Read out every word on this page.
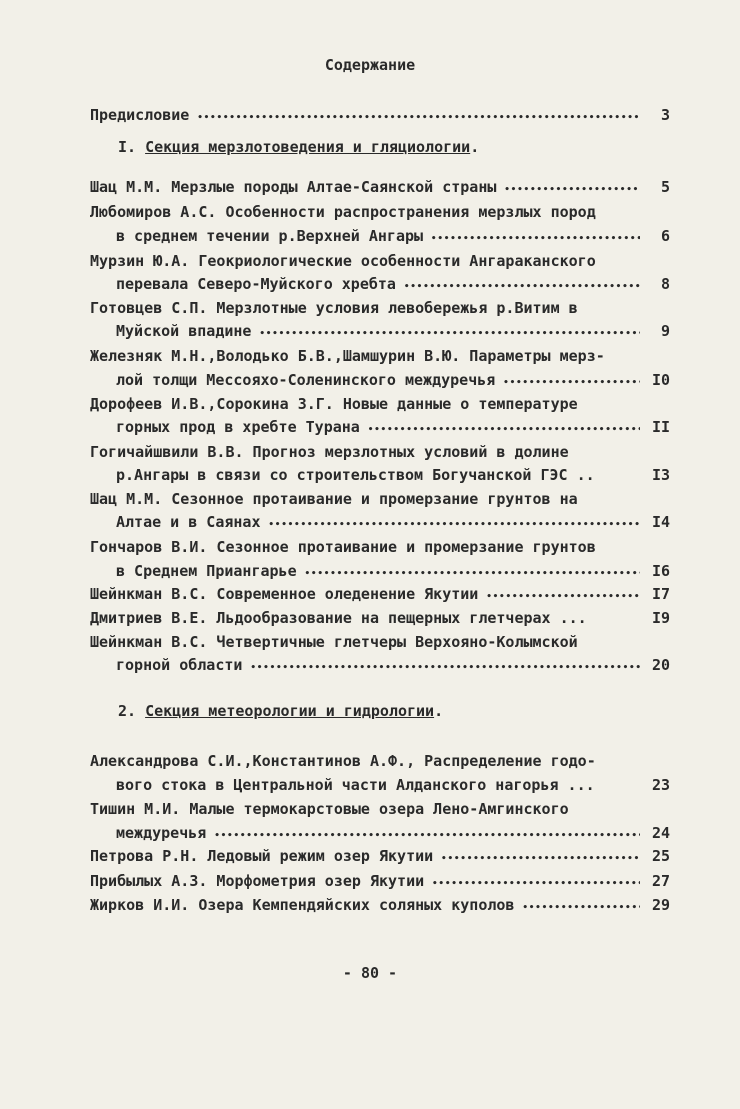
Содержание
Предисловие •••••	3
I. Секция мерзлотоведения и гляциологии.
Шац М.М. Мерзлые породы Алтае-Саянской страны •••••	5
Любомиров А.С. Особенности распространения мерзлых пород
в среднем течении р.Верхней Ангары •••••	6
Мурзин Ю.А. Геокриологические особенности Ангараканского
перевала Северо-Муйского хребта •••••	8
Готовцев С.П. Мерзлотные условия левобережья р.Витим в
Муйской впадине •••••	9
Железняк М.Н.,Володько Б.В.,Шамшурин В.Ю. Параметры мерз-
лой толщи Мессояхо-Соленинского междуречья •••••	I0
Дорофеев И.В.,Сорокина З.Г. Новые данные о температуре
горных прод в хребте Турана •••••	II
Гогичайшвили В.В. Прогноз мерзлотных условий в долине
р.Ангары в связи со строительством Богучанской ГЭС ..	I3
Шац М.М. Сезонное протаивание и промерзание грунтов на
Алтае и в Саянах •••••	I4
Гончаров В.И. Сезонное протаивание и промерзание грунтов
в Среднем Приангарье •••••	I6
Шейнкман В.С. Современное оледенение Якутии •••••	I7
Дмитриев В.Е. Льдообразование на пещерных глетчерах ...	I9
Шейнкман В.С. Четвертичные глетчеры Верхояно-Колымской
горной области •••••	20
2. Секция метеорологии и гидрологии.
Александрова С.И.,Константинов А.Ф., Распределение годо-
вого стока в Центральной части Алданского нагорья ...	23
Тишин М.И. Малые термокарстовые озера Лено-Амгинского
междуречья •••••	24
Петрова Р.Н. Ледовый режим озер Якутии •••••	25
Прибылых А.З. Морфометрия озер Якутии •••••	27
Жирков И.И. Озера Кемпендяйских соляных куполов •••••	29
- 80 -
